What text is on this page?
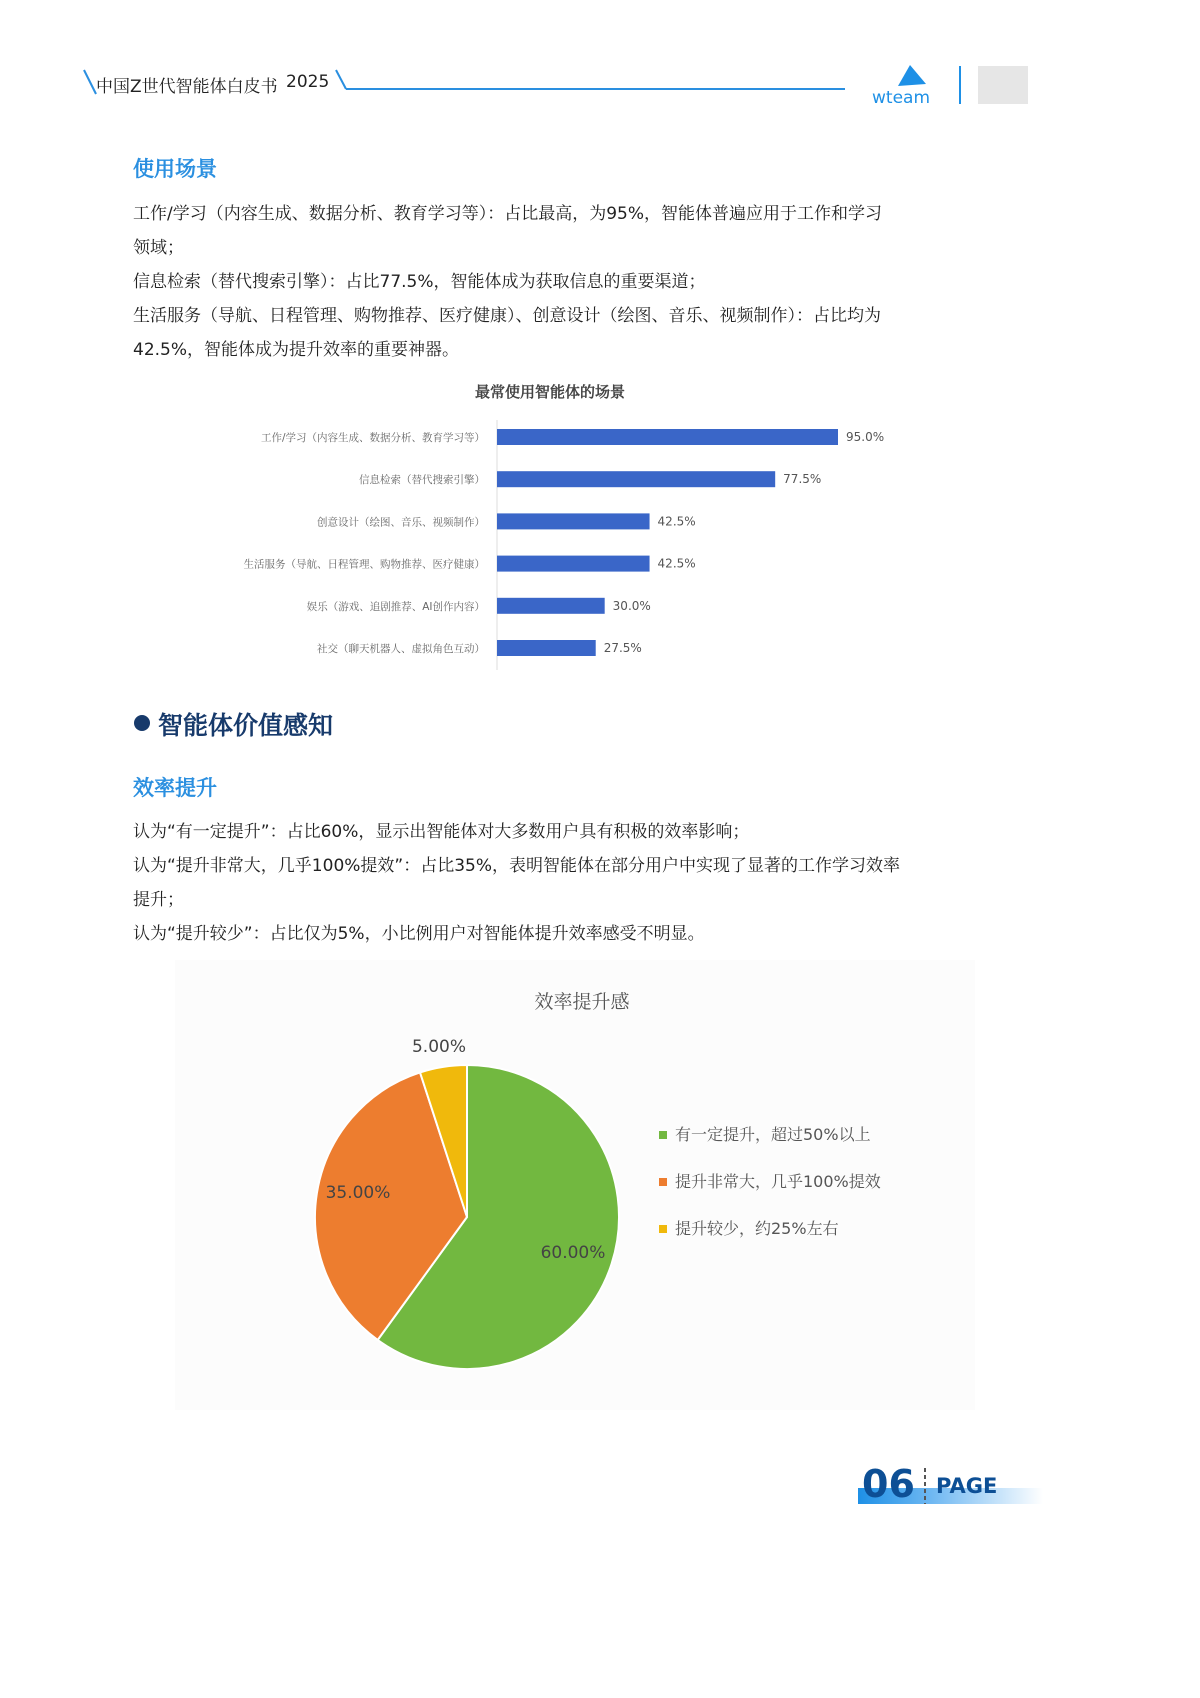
中国Z世代智能体白皮书 2025
wteam
使用场景
工作/学习（内容生成、数据分析、教育学习等）：占比最高，为95%，智能体普遍应用于工作和学习
领域；
信息检索（替代搜索引擎）：占比77.5%，智能体成为获取信息的重要渠道；
生活服务（导航、日程管理、购物推荐、医疗健康）、创意设计（绘图、音乐、视频制作）：占比均为
42.5%，智能体成为提升效率的重要神器。
最常使用智能体的场景
工作/学习（内容生成、数据分析、教育学习等）	95.0%
信息检索（替代搜索引擎）	77.5%
创意设计（绘图、音乐、视频制作）	42.5%
生活服务（导航、日程管理、购物推荐、医疗健康）	42.5%
娱乐（游戏、追剧推荐、AI创作内容）	30.0%
社交（聊天机器人、虚拟角色互动）	27.5%
智能体价值感知
效率提升
认为“有一定提升”：占比60%，显示出智能体对大多数用户具有积极的效率影响；
认为“提升非常大，几乎100%提效”：占比35%，表明智能体在部分用户中实现了显著的工作学习效率
提升；
认为“提升较少”：占比仅为5%，小比例用户对智能体提升效率感受不明显。
效率提升感
60.00%
有一定提升，超过50%以上
35.00%
提升非常大，几乎100%提效
5.00%
提升较少，约25%左右
06 PAGE
